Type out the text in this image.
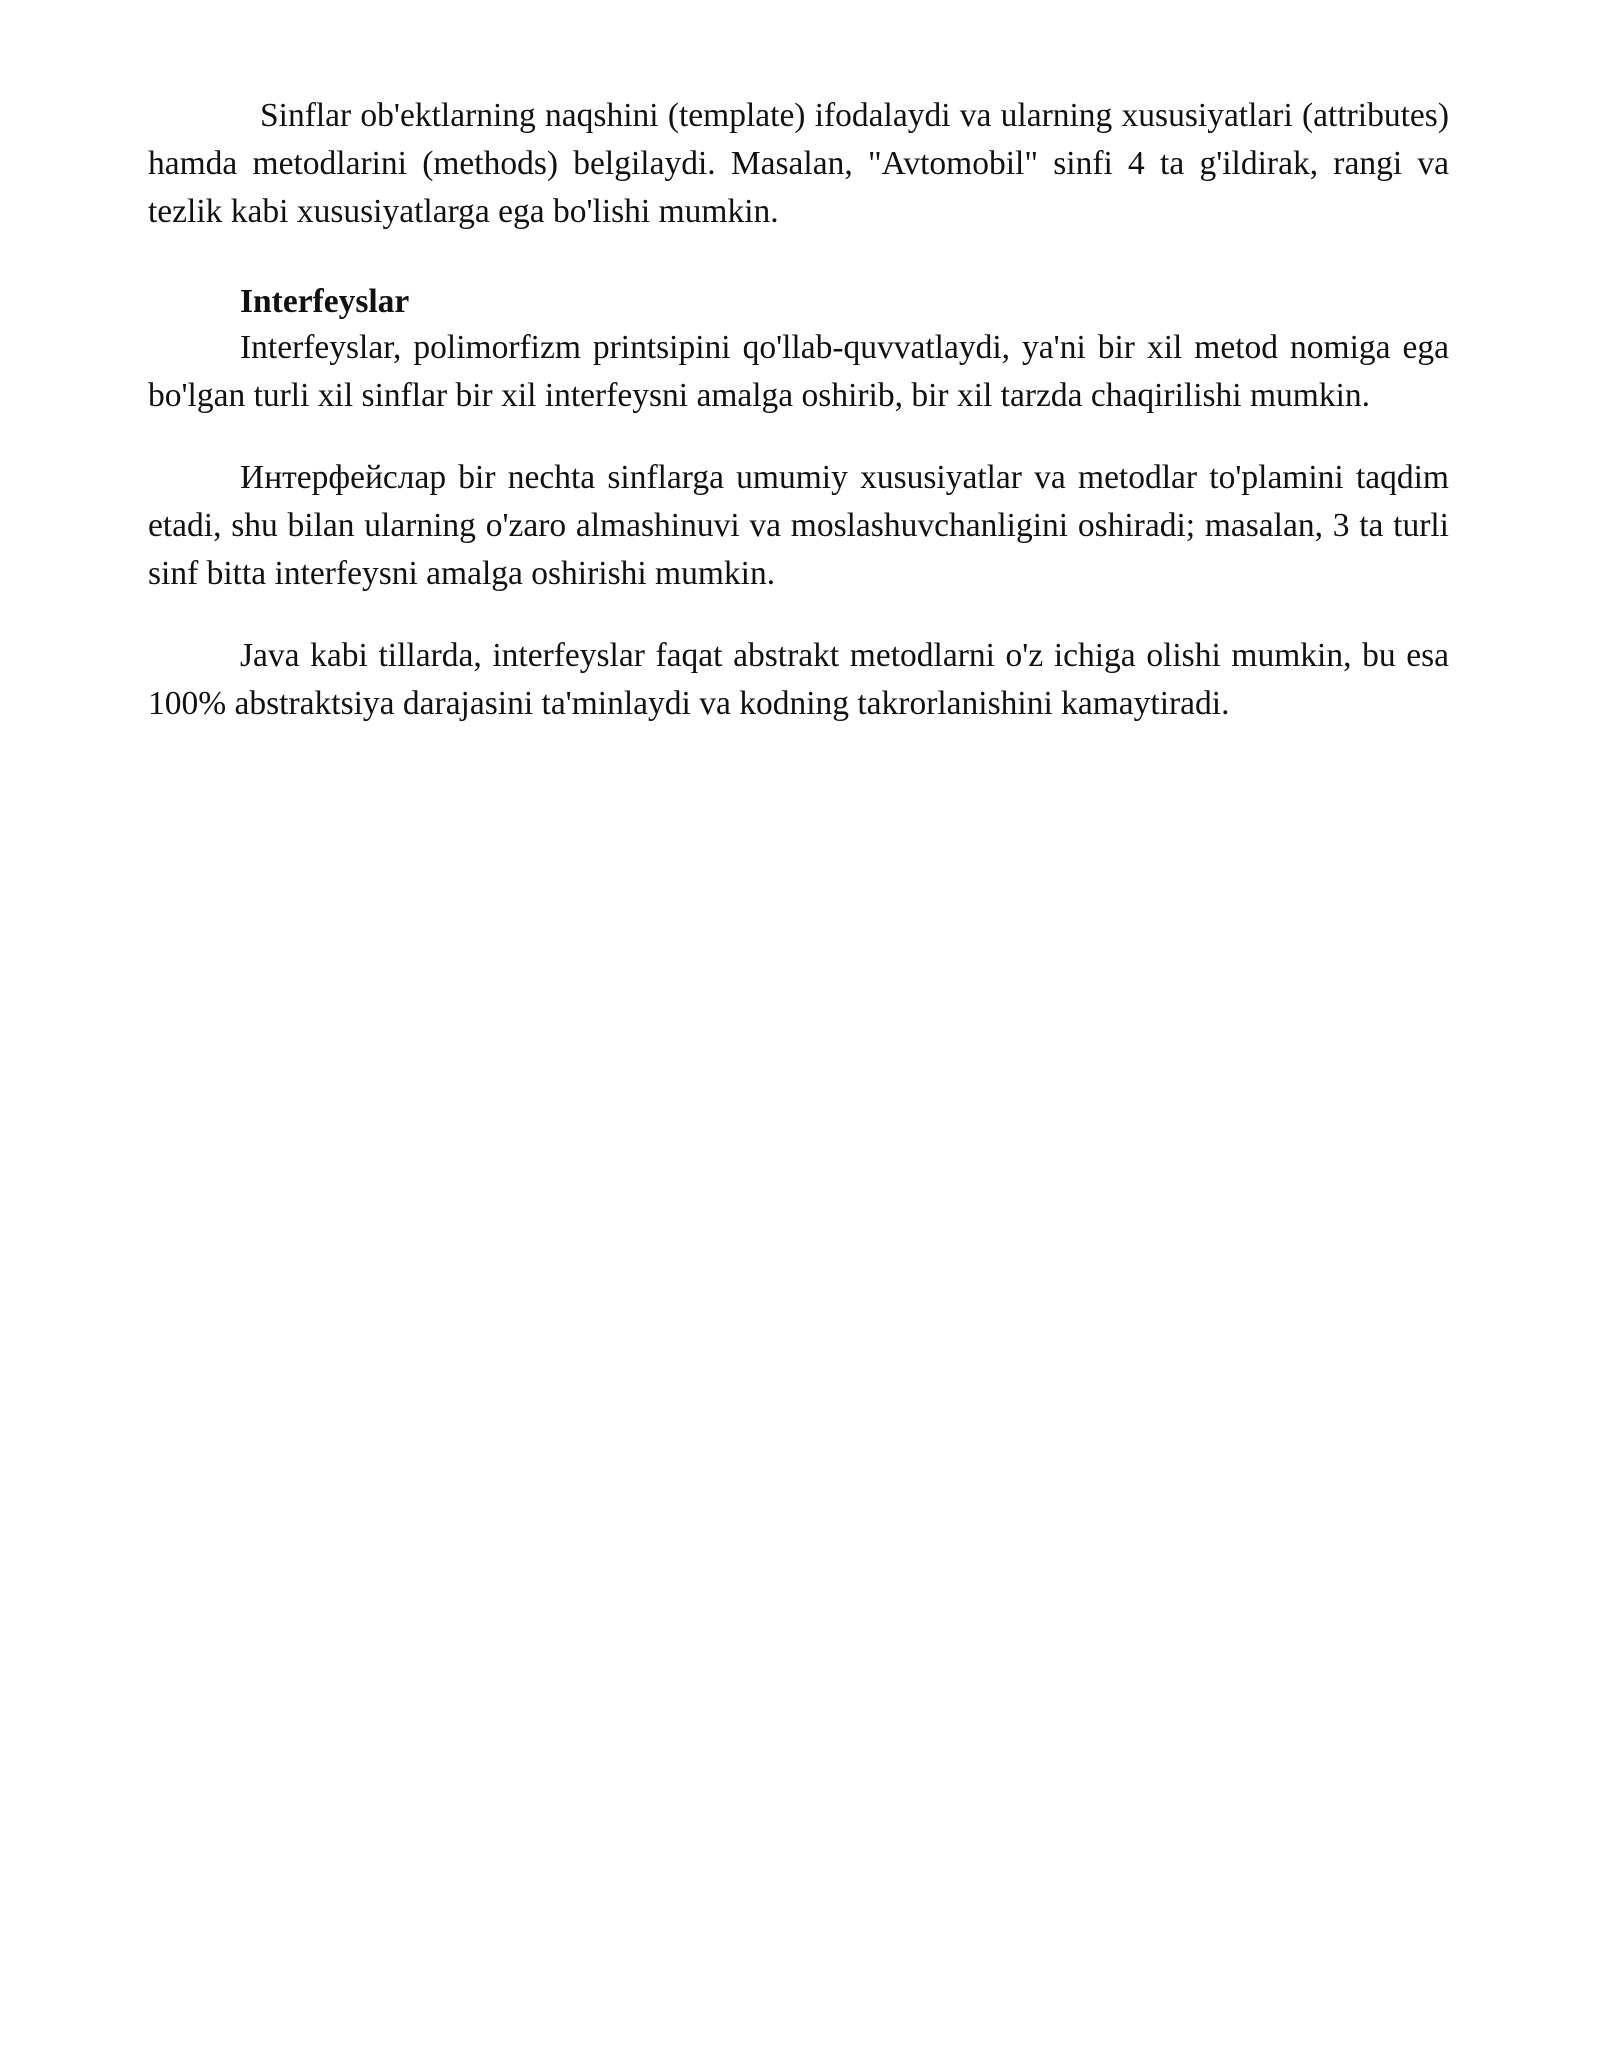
Sinflar ob'ektlarning naqshini (template) ifodalaydi va ularning xususiyatlari (attributes) hamda metodlarini (methods) belgilaydi. Masalan, "Avtomobil" sinfi 4 ta g'ildirak, rangi va tezlik kabi xususiyatlarga ega bo'lishi mumkin.

Interfeyslar

Interfeyslar, polimorfizm printsipini qo'llab-quvvatlaydi, ya'ni bir xil metod nomiga ega bo'lgan turli xil sinflar bir xil interfeysni amalga oshirib, bir xil tarzda chaqirilishi mumkin.

Интерфейслар bir nechta sinflarga umumiy xususiyatlar va metodlar to'plamini taqdim etadi, shu bilan ularning o'zaro almashinuvi va moslashuvchanligini oshiradi; masalan, 3 ta turli sinf bitta interfeysni amalga oshirishi mumkin.

Java kabi tillarda, interfeyslar faqat abstrakt metodlarni o'z ichiga olishi mumkin, bu esa 100% abstraktsiya darajasini ta'minlaydi va kodning takrorlanishini kamaytiradi.
